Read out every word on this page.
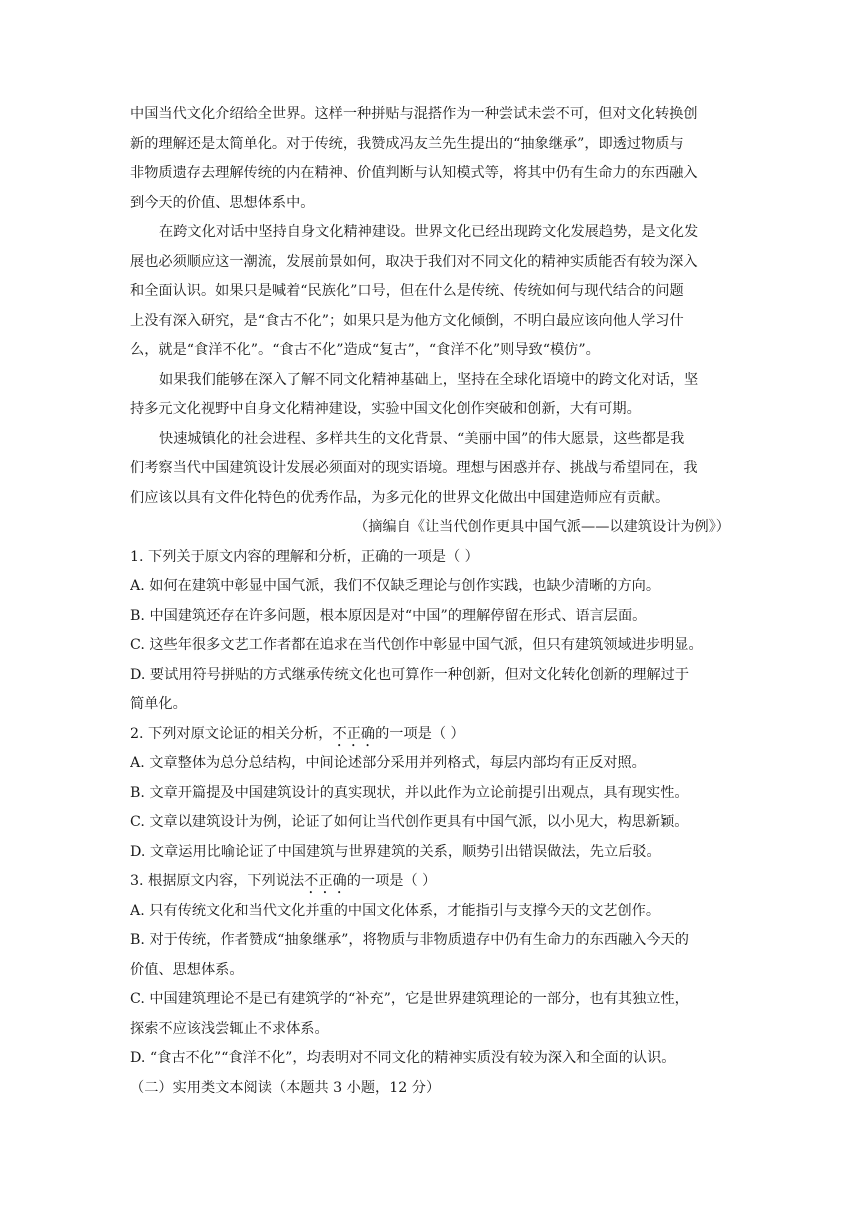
中国当代文化介绍给全世界。这样一种拼贴与混搭作为一种尝试未尝不可，但对文化转换创
新的理解还是太简单化。对于传统，我赞成冯友兰先生提出的“抽象继承”，即透过物质与
非物质遗存去理解传统的内在精神、价值判断与认知模式等，将其中仍有生命力的东西融入
到今天的价值、思想体系中。
在跨文化对话中坚持自身文化精神建设。世界文化已经出现跨文化发展趋势，是文化发
展也必须顺应这一潮流，发展前景如何，取决于我们对不同文化的精神实质能否有较为深入
和全面认识。如果只是喊着“民族化”口号，但在什么是传统、传统如何与现代结合的问题
上没有深入研究，是“食古不化”；如果只是为他方文化倾倒，不明白最应该向他人学习什
么，就是“食洋不化”。“食古不化”造成“复古”，“食洋不化”则导致“模仿”。
如果我们能够在深入了解不同文化精神基础上，坚持在全球化语境中的跨文化对话，坚
持多元文化视野中自身文化精神建设，实验中国文化创作突破和创新，大有可期。
快速城镇化的社会进程、多样共生的文化背景、“美丽中国”的伟大愿景，这些都是我
们考察当代中国建筑设计发展必须面对的现实语境。理想与困惑并存、挑战与希望同在，我
们应该以具有文件化特色的优秀作品，为多元化的世界文化做出中国建造师应有贡献。
（摘编自《让当代创作更具中国气派——以建筑设计为例》）
1. 下列关于原文内容的理解和分析，正确的一项是（ ）
A. 如何在建筑中彰显中国气派，我们不仅缺乏理论与创作实践，也缺少清晰的方向。
B. 中国建筑还存在许多问题，根本原因是对“中国”的理解停留在形式、语言层面。
C. 这些年很多文艺工作者都在追求在当代创作中彰显中国气派，但只有建筑领域进步明显。
D. 要试用符号拼贴的方式继承传统文化也可算作一种创新，但对文化转化创新的理解过于
简单化。
2. 下列对原文论证的相关分析，不正确的一项是（ ）
A. 文章整体为总分总结构，中间论述部分采用并列格式，每层内部均有正反对照。
B. 文章开篇提及中国建筑设计的真实现状，并以此作为立论前提引出观点，具有现实性。
C. 文章以建筑设计为例，论证了如何让当代创作更具有中国气派，以小见大，构思新颖。
D. 文章运用比喻论证了中国建筑与世界建筑的关系，顺势引出错误做法，先立后驳。
3. 根据原文内容，下列说法不正确的一项是（ ）
A. 只有传统文化和当代文化并重的中国文化体系，才能指引与支撑今天的文艺创作。
B. 对于传统，作者赞成“抽象继承”，将物质与非物质遗存中仍有生命力的东西融入今天的
价值、思想体系。
C. 中国建筑理论不是已有建筑学的“补充”，它是世界建筑理论的一部分，也有其独立性，
探索不应该浅尝辄止不求体系。
D. “食古不化”“食洋不化”，均表明对不同文化的精神实质没有较为深入和全面的认识。
（二）实用类文本阅读（本题共 3 小题，12 分）
